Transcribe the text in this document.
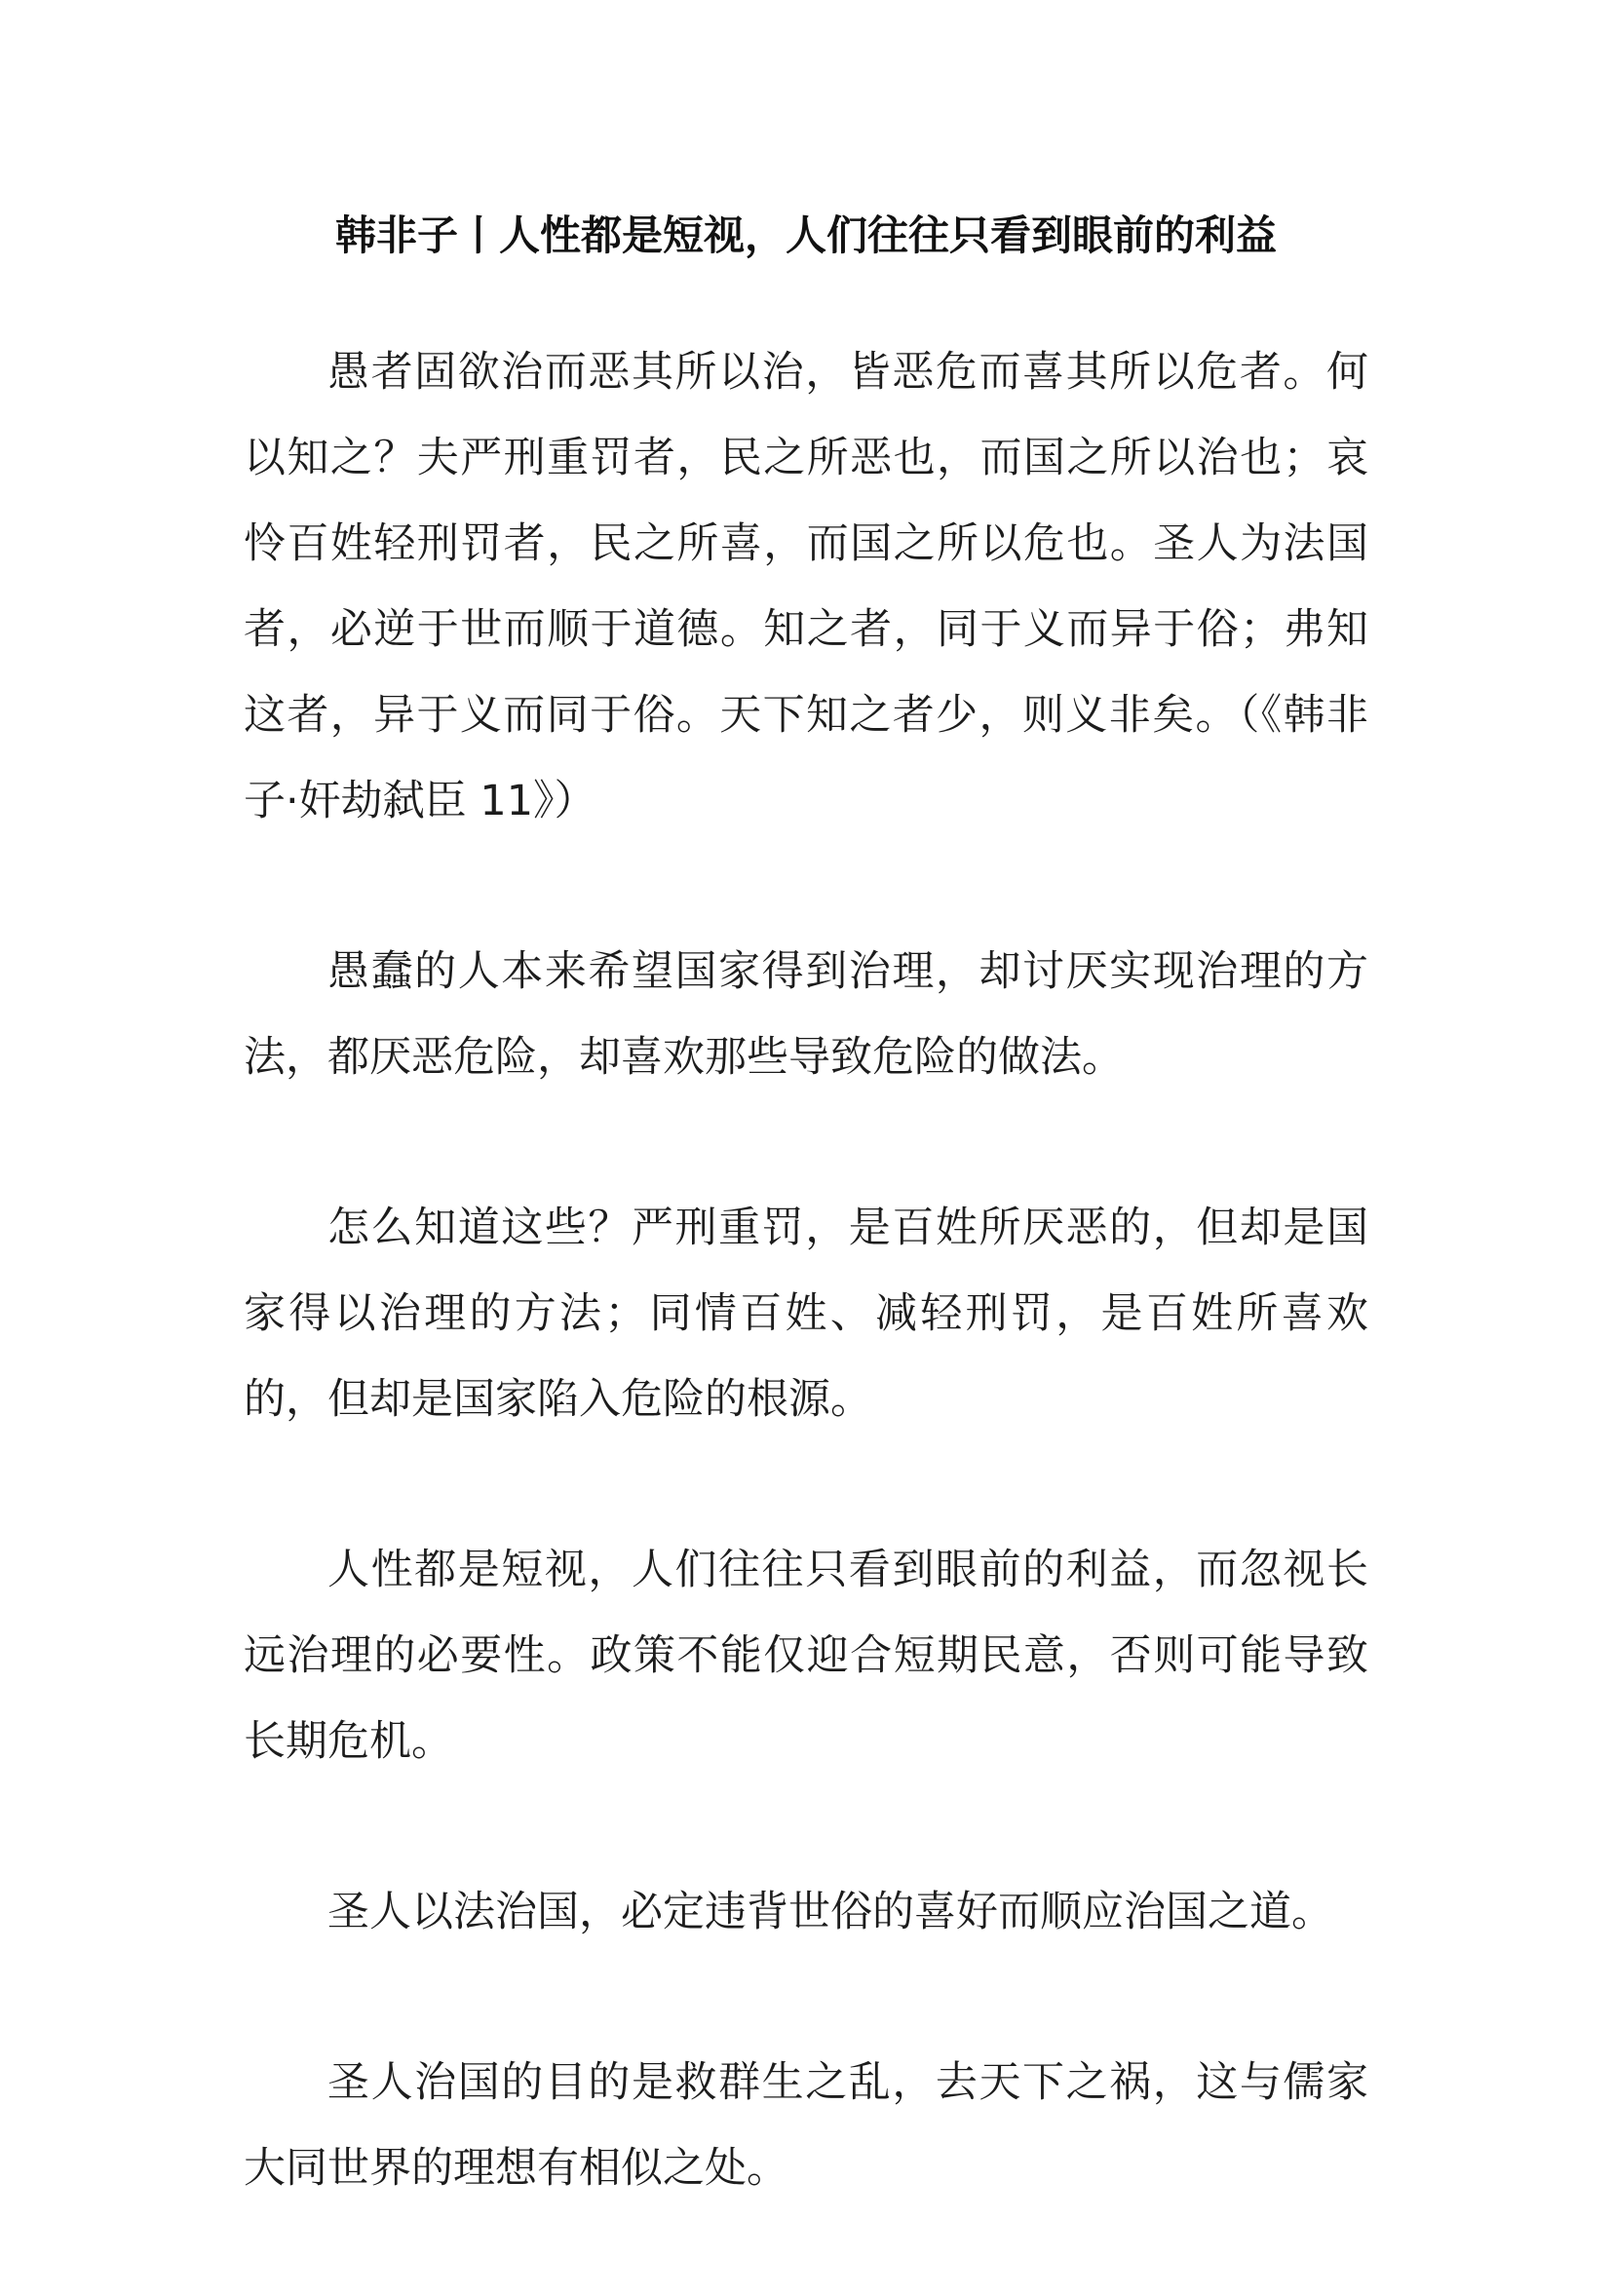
韩非子丨人性都是短视，人们往往只看到眼前的利益

愚者固欲治而恶其所以治，皆恶危而喜其所以危者。何以知之？夫严刑重罚者，民之所恶也，而国之所以治也；哀怜百姓轻刑罚者，民之所喜，而国之所以危也。圣人为法国者，必逆于世而顺于道德。知之者，同于义而异于俗；弗知这者，异于义而同于俗。天下知之者少，则义非矣。（《韩非子·奸劫弑臣 11》）

愚蠢的人本来希望国家得到治理，却讨厌实现治理的方法，都厌恶危险，却喜欢那些导致危险的做法。

怎么知道这些？严刑重罚，是百姓所厌恶的，但却是国家得以治理的方法；同情百姓、减轻刑罚，是百姓所喜欢的，但却是国家陷入危险的根源。

人性都是短视，人们往往只看到眼前的利益，而忽视长远治理的必要性。政策不能仅迎合短期民意，否则可能导致长期危机。

圣人以法治国，必定违背世俗的喜好而顺应治国之道。

圣人治国的目的是救群生之乱，去天下之祸，这与儒家大同世界的理想有相似之处。
